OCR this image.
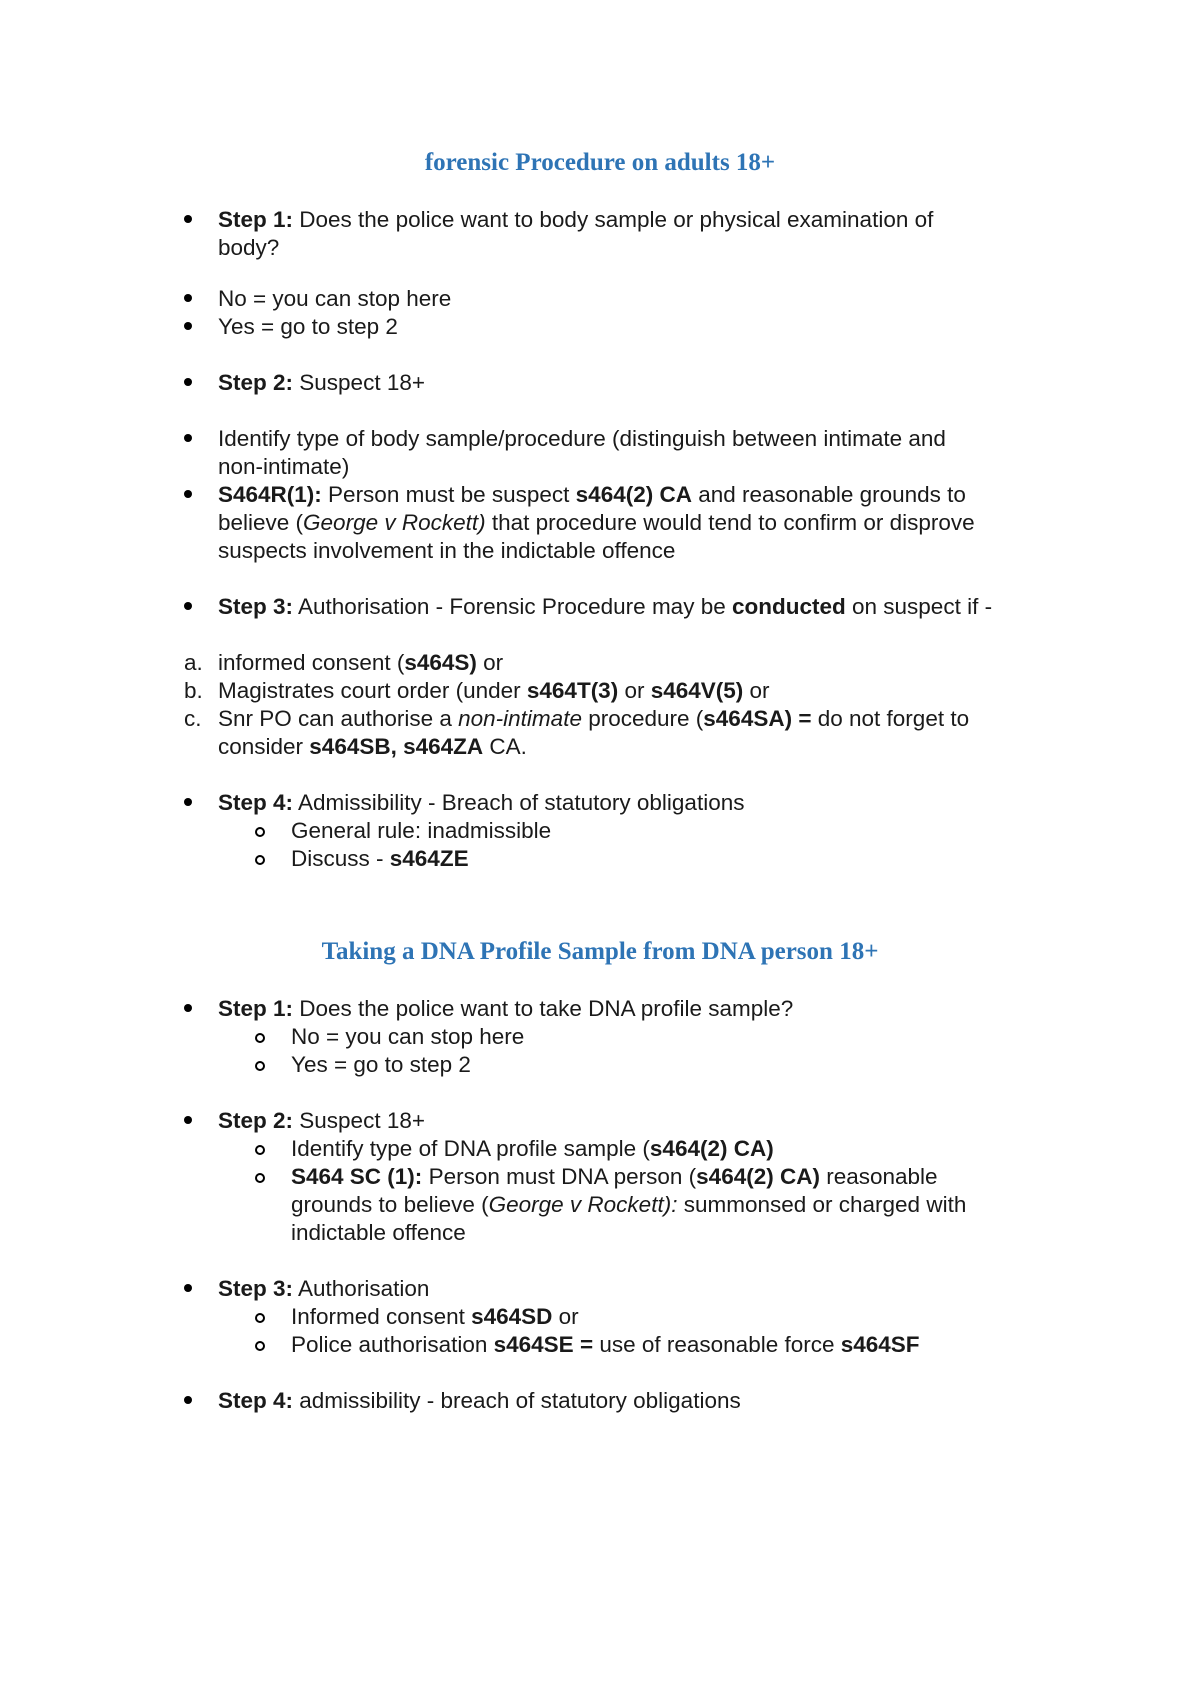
forensic Procedure on adults 18+

Step 1: Does the police want to body sample or physical examination of

body?

No = you can stop here

Yes = go to step 2

Step 2: Suspect 18+

Identify type of body sample/procedure (distinguish between intimate and

non-intimate)

S464R(1): Person must be suspect s464(2) CA and reasonable grounds to

believe (George v Rockett) that procedure would tend to confirm or disprove

suspects involvement in the indictable offence

Step 3: Authorisation - Forensic Procedure may be conducted on suspect if -

a. informed consent (s464S) or

b. Magistrates court order (under s464T(3) or s464V(5) or

c. Snr PO can authorise a non-intimate procedure (s464SA) = do not forget to

consider s464SB, s464ZA CA.

Step 4: Admissibility - Breach of statutory obligations

General rule: inadmissible

Discuss - s464ZE

Taking a DNA Profile Sample from DNA person 18+

Step 1: Does the police want to take DNA profile sample?

No = you can stop here

Yes = go to step 2

Step 2: Suspect 18+

Identify type of DNA profile sample (s464(2) CA)

S464 SC (1): Person must DNA person (s464(2) CA) reasonable

grounds to believe (George v Rockett): summonsed or charged with

indictable offence

Step 3: Authorisation

Informed consent s464SD or

Police authorisation s464SE = use of reasonable force s464SF

Step 4: admissibility - breach of statutory obligations
